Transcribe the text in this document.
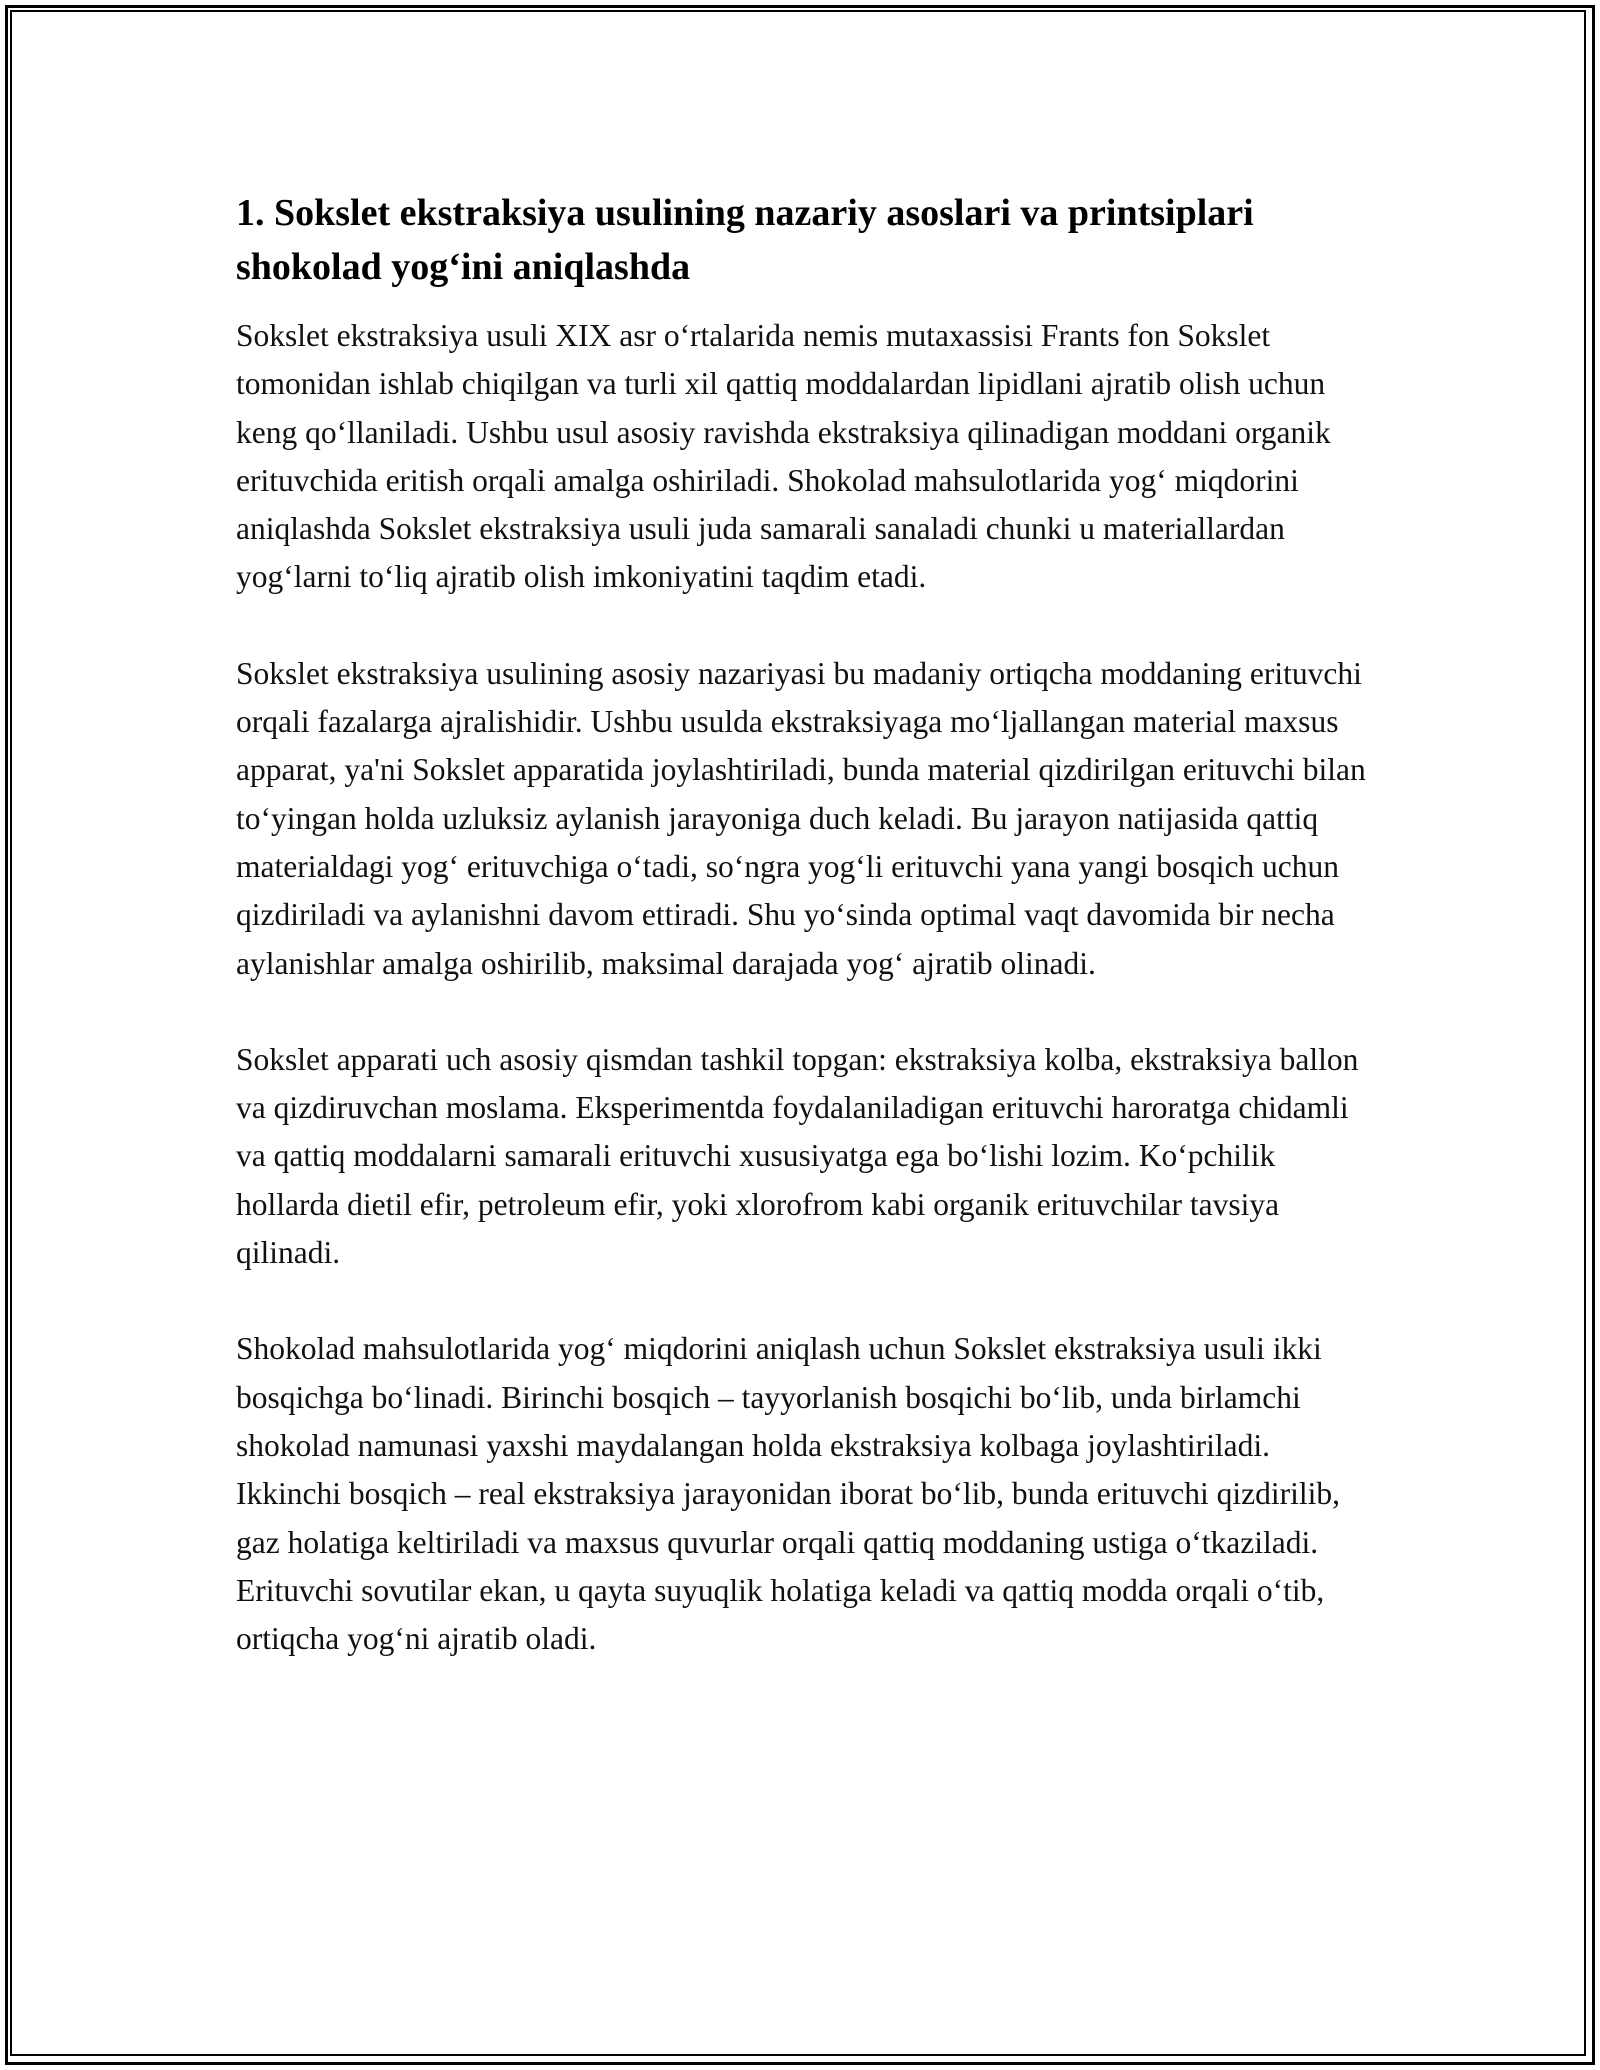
1. Sokslet ekstraksiya usulining nazariy asoslari va printsiplari shokolad yog‘ini aniqlashda

Sokslet ekstraksiya usuli XIX asr o‘rtalarida nemis mutaxassisi Frants fon Sokslet tomonidan ishlab chiqilgan va turli xil qattiq moddalardan lipidlani ajratib olish uchun keng qo‘llaniladi. Ushbu usul asosiy ravishda ekstraksiya qilinadigan moddani organik erituvchida eritish orqali amalga oshiriladi. Shokolad mahsulotlarida yog‘ miqdorini aniqlashda Sokslet ekstraksiya usuli juda samarali sanaladi chunki u materiallardan yog‘larni to‘liq ajratib olish imkoniyatini taqdim etadi.

Sokslet ekstraksiya usulining asosiy nazariyasi bu madaniy ortiqcha moddaning erituvchi orqali fazalarga ajralishidir. Ushbu usulda ekstraksiyaga mo‘ljallangan material maxsus apparat, ya'ni Sokslet apparatida joylashtiriladi, bunda material qizdirilgan erituvchi bilan to‘yingan holda uzluksiz aylanish jarayoniga duch keladi. Bu jarayon natijasida qattiq materialdagi yog‘ erituvchiga o‘tadi, so‘ngra yog‘li erituvchi yana yangi bosqich uchun qizdiriladi va aylanishni davom ettiradi. Shu yo‘sinda optimal vaqt davomida bir necha aylanishlar amalga oshirilib, maksimal darajada yog‘ ajratib olinadi.

Sokslet apparati uch asosiy qismdan tashkil topgan: ekstraksiya kolba, ekstraksiya ballon va qizdiruvchan moslama. Eksperimentda foydalaniladigan erituvchi haroratga chidamli va qattiq moddalarni samarali erituvchi xususiyatga ega bo‘lishi lozim. Ko‘pchilik hollarda dietil efir, petroleum efir, yoki xlorofrom kabi organik erituvchilar tavsiya qilinadi.

Shokolad mahsulotlarida yog‘ miqdorini aniqlash uchun Sokslet ekstraksiya usuli ikki bosqichga bo‘linadi. Birinchi bosqich – tayyorlanish bosqichi bo‘lib, unda birlamchi shokolad namunasi yaxshi maydalangan holda ekstraksiya kolbaga joylashtiriladi. Ikkinchi bosqich – real ekstraksiya jarayonidan iborat bo‘lib, bunda erituvchi qizdirilib, gaz holatiga keltiriladi va maxsus quvurlar orqali qattiq moddaning ustiga o‘tkaziladi. Erituvchi sovutilar ekan, u qayta suyuqlik holatiga keladi va qattiq modda orqali o‘tib, ortiqcha yog‘ni ajratib oladi.
